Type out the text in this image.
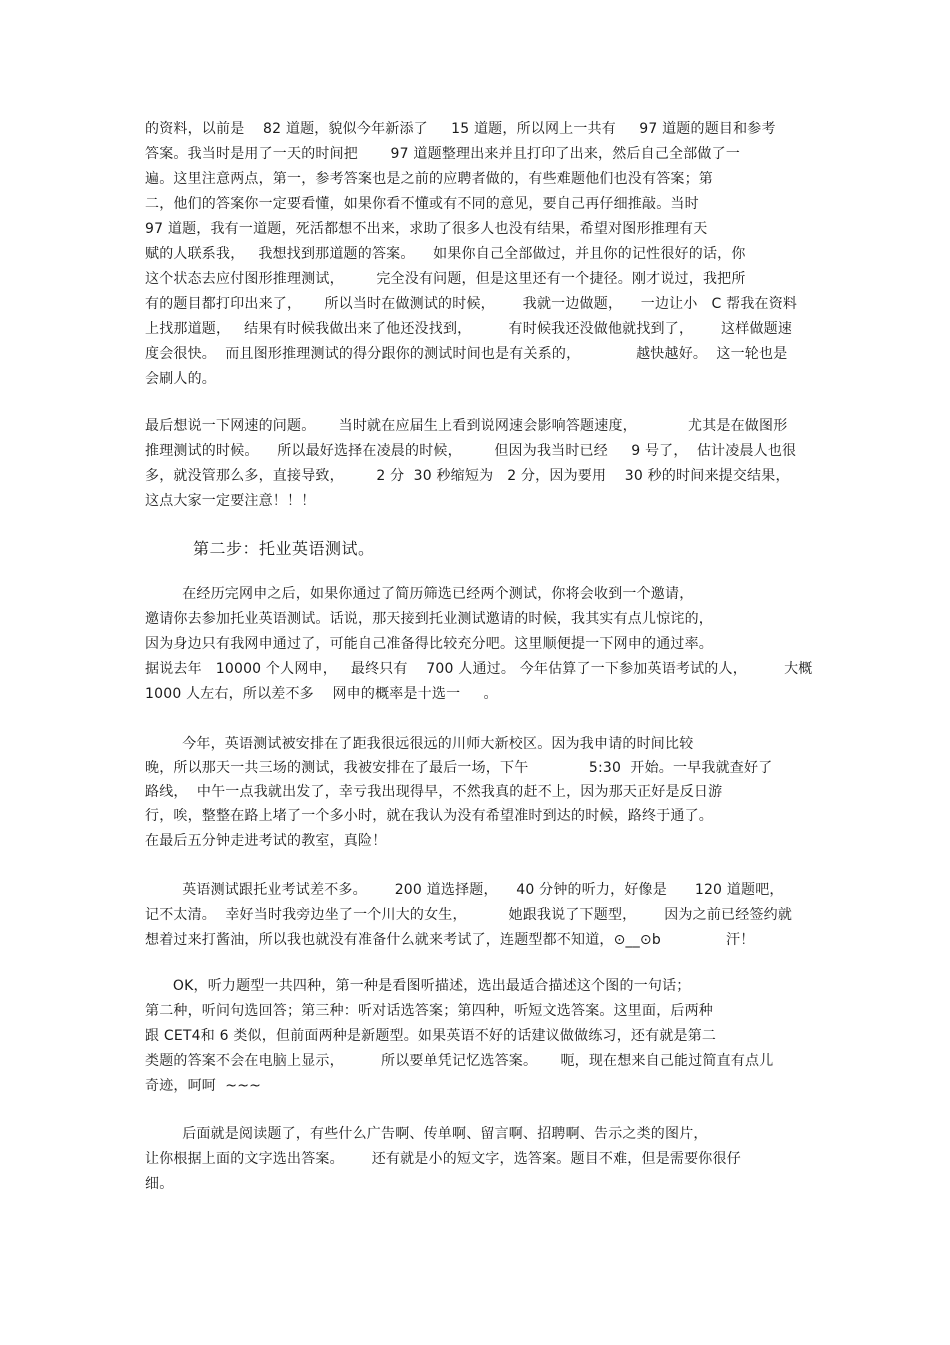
的资料，以前是    82 道题，貌似今年新添了     15 道题，所以网上一共有     97 道题的题目和参考
答案。我当时是用了一天的时间把       97 道题整理出来并且打印了出来，然后自己全部做了一
遍。这里注意两点，第一，参考答案也是之前的应聘者做的，有些难题他们也没有答案；第
二，他们的答案你一定要看懂，如果你看不懂或有不同的意见，要自己再仔细推敲。当时
97 道题，我有一道题，死活都想不出来，求助了很多人也没有结果，希望对图形推理有天
赋的人联系我，   我想找到那道题的答案。    如果你自己全部做过，并且你的记性很好的话，你
这个状态去应付图形推理测试，       完全没有问题，但是这里还有一个捷径。刚才说过，我把所
有的题目都打印出来了，     所以当时在做测试的时候，      我就一边做题，    一边让小   C 帮我在资料
上找那道题，   结果有时候我做出来了他还没找到，        有时候我还没做他就找到了，      这样做题速
度会很快。  而且图形推理测试的得分跟你的测试时间也是有关系的，            越快越好。  这一轮也是
会刷人的。
最后想说一下网速的问题。     当时就在应届生上看到说网速会影响答题速度，           尤其是在做图形
推理测试的时候。    所以最好选择在凌晨的时候，       但因为我当时已经     9 号了，  估计凌晨人也很
多，就没管那么多，直接导致，       2 分  30 秒缩短为   2 分，因为要用    30 秒的时间来提交结果，
这点大家一定要注意！！！
第二步：托业英语测试。
在经历完网申之后，如果你通过了简历筛选已经两个测试，你将会收到一个邀请，
邀请你去参加托业英语测试。话说，那天接到托业测试邀请的时候，我其实有点儿惊诧的，
因为身边只有我网申通过了，可能自己准备得比较充分吧。这里顺便提一下网申的通过率。
据说去年   10000 个人网申，   最终只有    700 人通过。 今年估算了一下参加英语考试的人，        大概
1000 人左右，所以差不多    网申的概率是十选一     。
今年，英语测试被安排在了距我很远很远的川师大新校区。因为我申请的时间比较
晚，所以那天一共三场的测试，我被安排在了最后一场，下午             5:30  开始。一早我就查好了
路线，  中午一点我就出发了，幸亏我出现得早，不然我真的赶不上，因为那天正好是反日游
行，唉，整整在路上堵了一个多小时，就在我认为没有希望准时到达的时候，路终于通了。
在最后五分钟走进考试的教室，真险！
英语测试跟托业考试差不多。      200 道选择题，    40 分钟的听力，好像是      120 道题吧，
记不太清。  幸好当时我旁边坐了一个川大的女生，         她跟我说了下题型，      因为之前已经签约就
想着过来打酱油，所以我也就没有准备什么就来考试了，连题型都不知道，⊙__⊙b              汗！
OK，听力题型一共四种，第一种是看图听描述，选出最适合描述这个图的一句话；
第二种，听问句选回答；第三种：听对话选答案；第四种，听短文选答案。这里面，后两种
跟 CET4和 6 类似，但前面两种是新题型。如果英语不好的话建议做做练习，还有就是第二
类题的答案不会在电脑上显示，        所以要单凭记忆选答案。     呃，现在想来自己能过简直有点儿
奇迹，呵呵  ~~~
后面就是阅读题了，有些什么广告啊、传单啊、留言啊、招聘啊、告示之类的图片，
让你根据上面的文字选出答案。      还有就是小的短文字，选答案。题目不难，但是需要你很仔
细。
